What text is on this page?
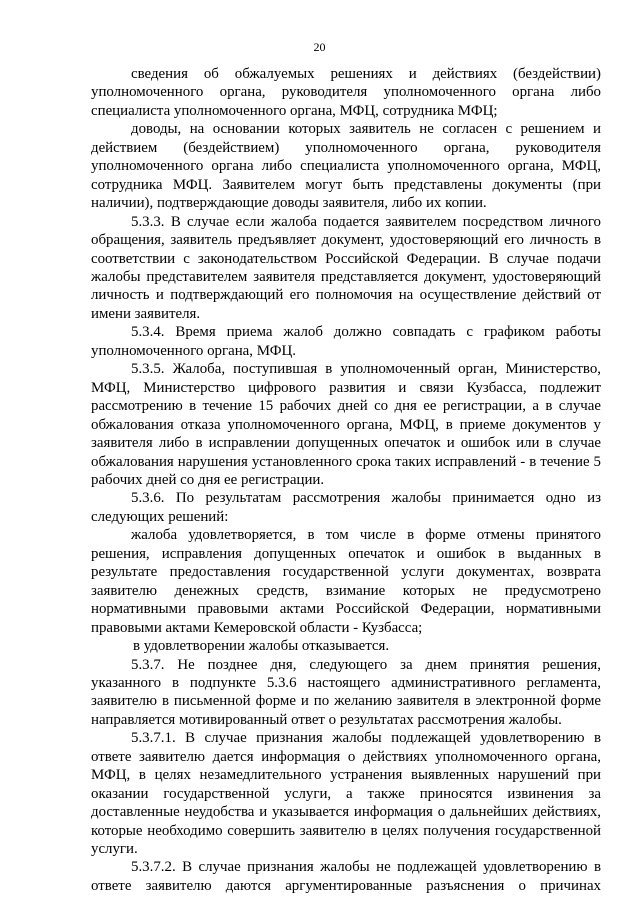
20

сведения об обжалуемых решениях и действиях (бездействии) уполномоченного органа, руководителя уполномоченного органа либо специалиста уполномоченного органа, МФЦ, сотрудника МФЦ;

доводы, на основании которых заявитель не согласен с решением и действием (бездействием) уполномоченного органа, руководителя уполномоченного органа либо специалиста уполномоченного органа, МФЦ, сотрудника МФЦ. Заявителем могут быть представлены документы (при наличии), подтверждающие доводы заявителя, либо их копии.

5.3.3. В случае если жалоба подается заявителем посредством личного обращения, заявитель предъявляет документ, удостоверяющий его личность в соответствии с законодательством Российской Федерации. В случае подачи жалобы представителем заявителя представляется документ, удостоверяющий личность и подтверждающий его полномочия на осуществление действий от имени заявителя.

5.3.4. Время приема жалоб должно совпадать с графиком работы уполномоченного органа, МФЦ.

5.3.5. Жалоба, поступившая в уполномоченный орган, Министерство, МФЦ, Министерство цифрового развития и связи Кузбасса, подлежит рассмотрению в течение 15 рабочих дней со дня ее регистрации, а в случае обжалования отказа уполномоченного органа, МФЦ, в приеме документов у заявителя либо в исправлении допущенных опечаток и ошибок или в случае обжалования нарушения установленного срока таких исправлений - в течение 5 рабочих дней со дня ее регистрации.

5.3.6. По результатам рассмотрения жалобы принимается одно из следующих решений:

жалоба удовлетворяется, в том числе в форме отмены принятого решения, исправления допущенных опечаток и ошибок в выданных в результате предоставления государственной услуги документах, возврата заявителю денежных средств, взимание которых не предусмотрено нормативными правовыми актами Российской Федерации, нормативными правовыми актами Кемеровской области - Кузбасса;

в удовлетворении жалобы отказывается.

5.3.7. Не позднее дня, следующего за днем принятия решения, указанного в подпункте 5.3.6 настоящего административного регламента, заявителю в письменной форме и по желанию заявителя в электронной форме направляется мотивированный ответ о результатах рассмотрения жалобы.

5.3.7.1. В случае признания жалобы подлежащей удовлетворению в ответе заявителю дается информация о действиях уполномоченного органа, МФЦ, в целях незамедлительного устранения выявленных нарушений при оказании государственной услуги, а также приносятся извинения за доставленные неудобства и указывается информация о дальнейших действиях, которые необходимо совершить заявителю в целях получения государственной услуги.

5.3.7.2. В случае признания жалобы не подлежащей удовлетворению в ответе заявителю даются аргументированные разъяснения о причинах
